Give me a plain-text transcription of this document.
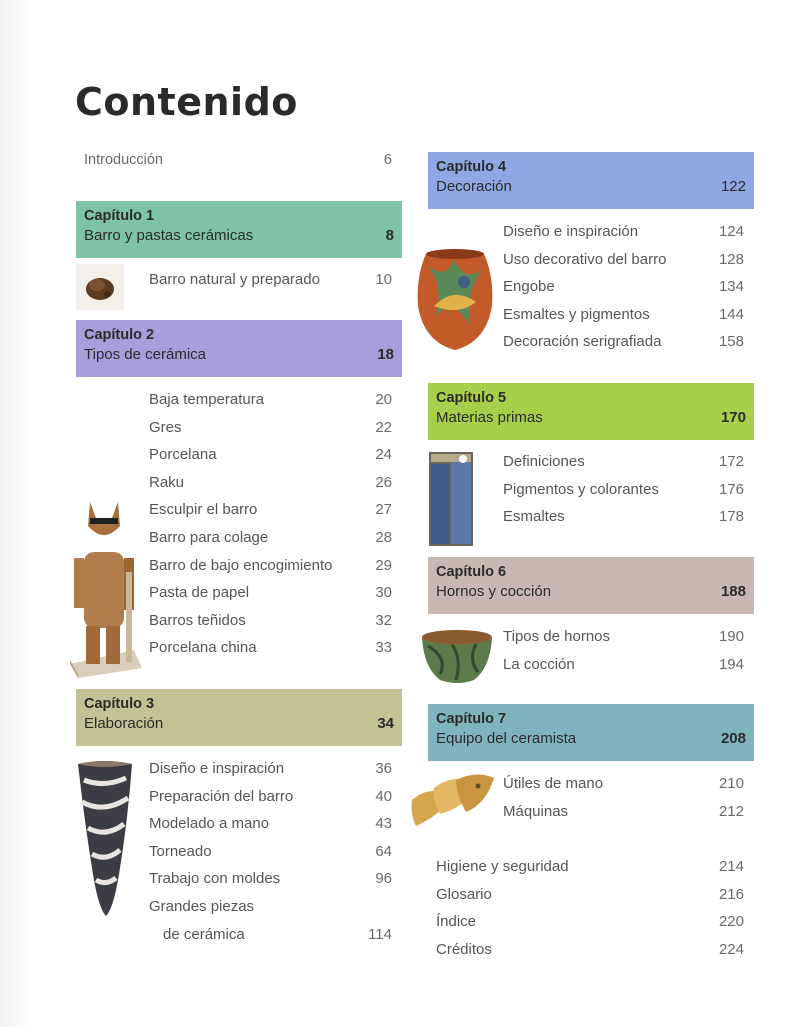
Contenido
Introducción	6
Capítulo 1
Barro y pastas cerámicas	8
Barro natural y preparado	10
Capítulo 2
Tipos de cerámica	18
Baja temperatura	20
Gres	22
Porcelana	24
Raku	26
Esculpir el barro	27
Barro para colage	28
Barro de bajo encogimiento	29
Pasta de papel	30
Barros teñidos	32
Porcelana china	33
Capítulo 3
Elaboración	34
Diseño e inspiración	36
Preparación del barro	40
Modelado a mano	43
Torneado	64
Trabajo con moldes	96
Grandes piezas
de cerámica	114
Capítulo 4
Decoración	122
Diseño e inspiración	124
Uso decorativo del barro	128
Engobe	134
Esmaltes y pigmentos	144
Decoración serigrafiada	158
Capítulo 5
Materias primas	170
Definiciones	172
Pigmentos y colorantes	176
Esmaltes	178
Capítulo 6
Hornos y cocción	188
Tipos de hornos	190
La cocción	194
Capítulo 7
Equipo del ceramista	208
Útiles de mano	210
Máquinas	212
Higiene y seguridad	214
Glosario	216
Índice	220
Créditos	224
